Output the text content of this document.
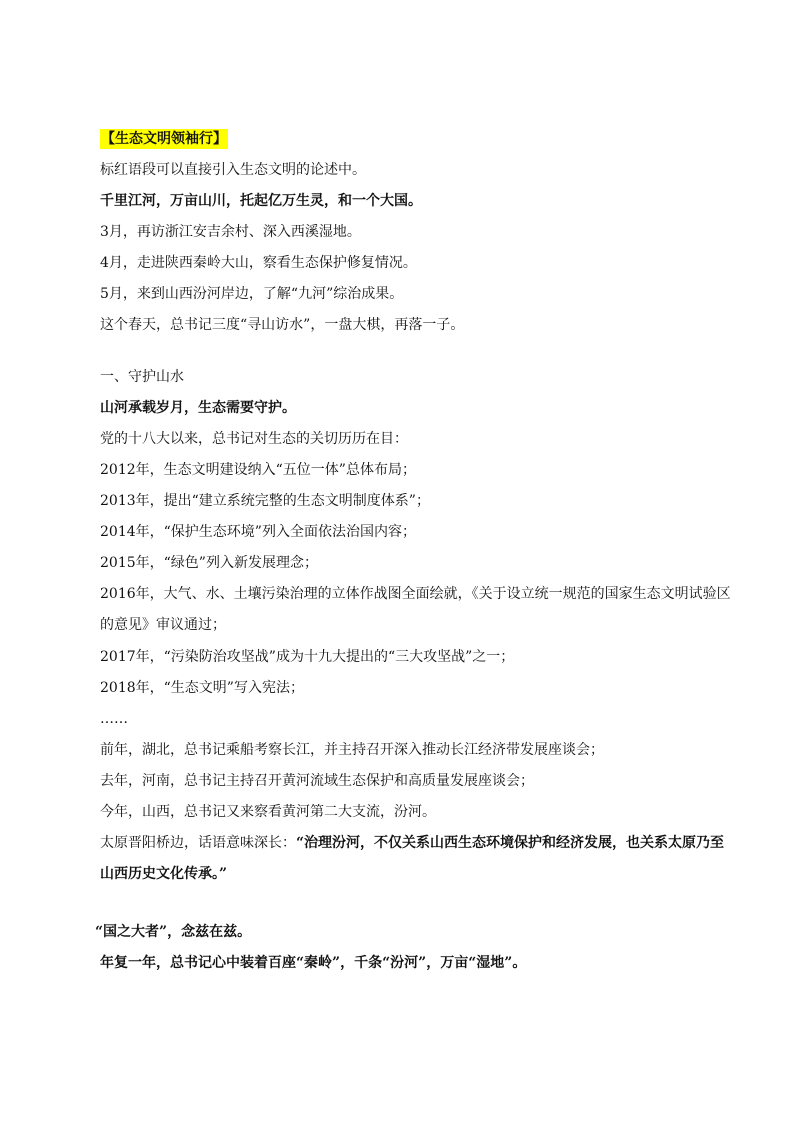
【生态文明领袖行】
标红语段可以直接引入生态文明的论述中。
千里江河，万亩山川，托起亿万生灵，和一个大国。
3月，再访浙江安吉余村、深入西溪湿地。
4月，走进陕西秦岭大山，察看生态保护修复情况。
5月，来到山西汾河岸边，了解“九河”综治成果。
这个春天，总书记三度“寻山访水”，一盘大棋，再落一子。
一、守护山水
山河承载岁月，生态需要守护。
党的十八大以来，总书记对生态的关切历历在目：
2012年，生态文明建设纳入“五位一体”总体布局；
2013年，提出“建立系统完整的生态文明制度体系”；
2014年，“保护生态环境”列入全面依法治国内容；
2015年，“绿色”列入新发展理念；
2016年，大气、水、土壤污染治理的立体作战图全面绘就，《关于设立统一规范的国家生态文明试验区的意见》审议通过；
2017年，“污染防治攻坚战”成为十九大提出的“三大攻坚战”之一；
2018年，“生态文明”写入宪法；
……
前年，湖北，总书记乘船考察长江，并主持召开深入推动长江经济带发展座谈会；
去年，河南，总书记主持召开黄河流域生态保护和高质量发展座谈会；
今年，山西，总书记又来察看黄河第二大支流，汾河。
太原晋阳桥边，话语意味深长：“治理汾河，不仅关系山西生态环境保护和经济发展，也关系太原乃至山西历史文化传承。”
“国之大者”，念兹在兹。
年复一年，总书记心中装着百座“秦岭”，千条“汾河”，万亩“湿地”。
